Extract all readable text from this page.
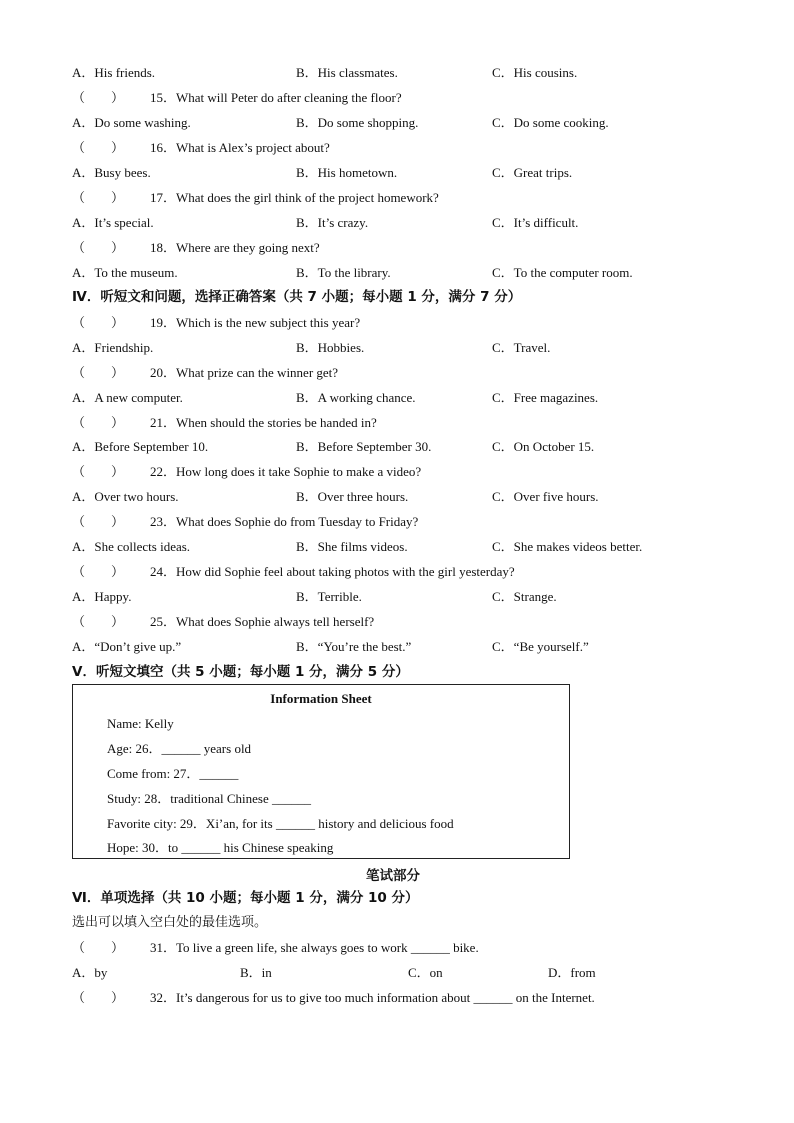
A．His friends.	B．His classmates.	C．His cousins.
（　　） 15．What will Peter do after cleaning the floor?
A．Do some washing.	B．Do some shopping.	C．Do some cooking.
（　　） 16．What is Alex’s project about?
A．Busy bees.	B．His hometown.	C．Great trips.
（　　） 17．What does the girl think of the project homework?
A．It’s special.	B．It’s crazy.	C．It’s difficult.
（　　） 18．Where are they going next?
A．To the museum.	B．To the library.	C．To the computer room.
Ⅳ．听短文和问题，选择正确答案（共 7 小题；每小题 1 分，满分 7 分）
（　　） 19．Which is the new subject this year?
A．Friendship.	B．Hobbies.	C．Travel.
（　　） 20．What prize can the winner get?
A．A new computer.	B．A working chance.	C．Free magazines.
（　　） 21．When should the stories be handed in?
A．Before September 10.	B．Before September 30.	C．On October 15.
（　　） 22．How long does it take Sophie to make a video?
A．Over two hours.	B．Over three hours.	C．Over five hours.
（　　） 23．What does Sophie do from Tuesday to Friday?
A．She collects ideas.	B．She films videos.	C．She makes videos better.
（　　） 24．How did Sophie feel about taking photos with the girl yesterday?
A．Happy.	B．Terrible.	C．Strange.
（　　） 25．What does Sophie always tell herself?
A．“Don’t give up.”	B．“You’re the best.”	C．“Be yourself.”
Ⅴ．听短文填空（共 5 小题；每小题 1 分，满分 5 分）
Information Sheet
Name: Kelly
Age: 26．______ years old
Come from: 27．______
Study: 28．traditional Chinese ______
Favorite city: 29．Xi’an, for its ______ history and delicious food
Hope: 30．to ______ his Chinese speaking
笔试部分
Ⅵ．单项选择（共 10 小题；每小题 1 分，满分 10 分）
选出可以填入空白处的最佳选项。
（　　） 31．To live a green life, she always goes to work ______ bike.
A．by	B．in	C．on	D．from
（　　） 32．It’s dangerous for us to give too much information about ______ on the Internet.
